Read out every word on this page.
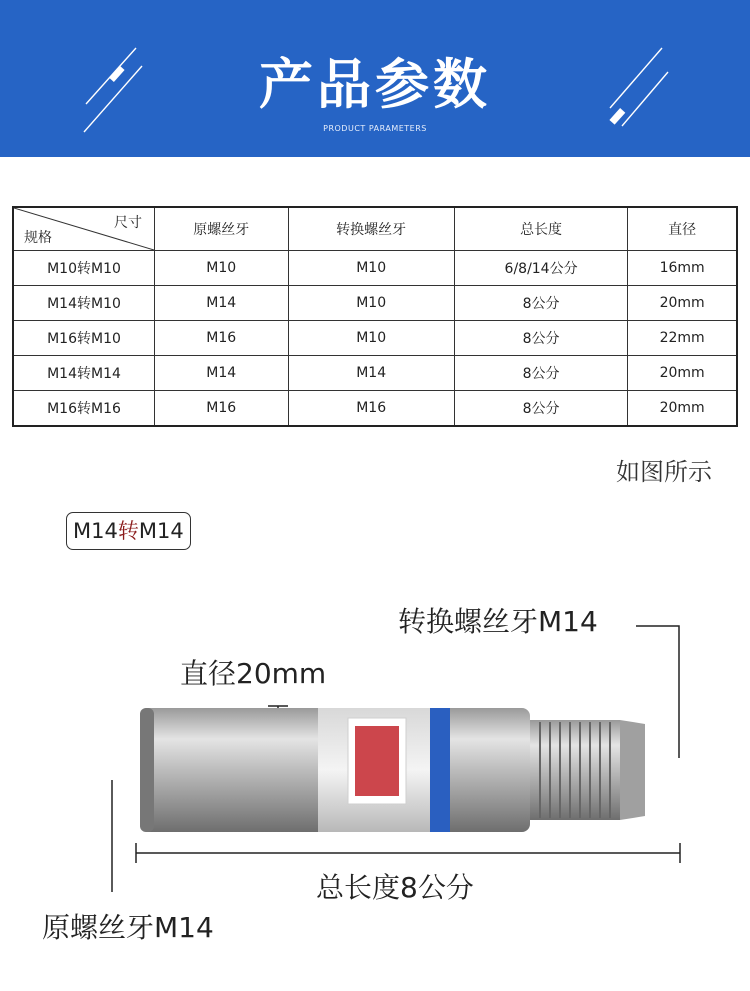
产品参数
PRODUCT PARAMETERS
尺寸
规格	原螺丝牙	转换螺丝牙	总长度	直径
M10转M10	M10	M10	6/8/14公分	16mm
M14转M10	M14	M10	8公分	20mm
M16转M10	M16	M10	8公分	22mm
M14转M14	M14	M14	8公分	20mm
M16转M16	M16	M16	8公分	20mm
如图所示
M14转M14
转换螺丝牙M14
直径20mm
总长度8公分
原螺丝牙M14
